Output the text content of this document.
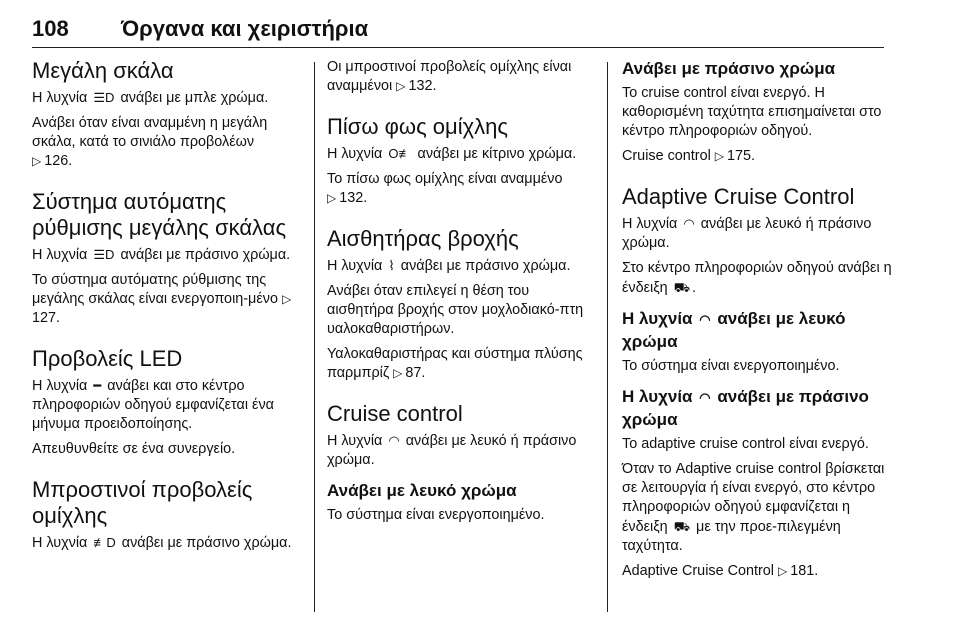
108 Όργανα και χειριστήρια
Μεγάλη σκάλα

Η λυχνία ☰D ανάβει με μπλε χρώμα.

Ανάβει όταν είναι αναμμένη η μεγάλη σκάλα, κατά το σινιάλο προβολέων
▷ 126.

Σύστημα αυτόματης
ρύθμισης μεγάλης σκάλας

Η λυχνία ☰D ανάβει με πράσινο χρώμα.

Το σύστημα αυτόματης ρύθμισης της μεγάλης σκάλας είναι ενεργοποιη-μένο ▷127.

Προβολείς LED

Η λυχνία ━ ανάβει και στο κέντρο πληροφοριών οδηγού εμφανίζεται ένα μήνυμα προειδοποίησης.

Απευθυνθείτε σε ένα συνεργείο.

Μπροστινοί προβολείς
ομίχλης

Η λυχνία ≢D ανάβει με πράσινο χρώμα.

Οι μπροστινοί προβολείς ομίχλης είναι αναμμένοι ▷ 132.

Πίσω φως ομίχλης

Η λυχνία O≢ ανάβει με κίτρινο χρώμα.

Το πίσω φως ομίχλης είναι αναμμένο
▷ 132.

Αισθητήρας βροχής

Η λυχνία ⌇ ανάβει με πράσινο χρώμα.

Ανάβει όταν επιλεγεί η θέση του αισθητήρα βροχής στον μοχλοδιακό-πτη υαλοκαθαριστήρων.

Υαλοκαθαριστήρας και σύστημα πλύσης παρμπρίζ ▷ 87.

Cruise control

Η λυχνία ◠ ανάβει με λευκό ή πράσινο χρώμα.

Ανάβει με λευκό χρώμα

Το σύστημα είναι ενεργοποιημένο.

Ανάβει με πράσινο χρώμα

Το cruise control είναι ενεργό. Η καθορισμένη ταχύτητα επισημαίνεται στο κέντρο πληροφοριών οδηγού.

Cruise control ▷ 175.

Adaptive Cruise Control

Η λυχνία ◠ ανάβει με λευκό ή πράσινο χρώμα.

Στο κέντρο πληροφοριών οδηγού ανάβει η ένδειξη ⛟ .

Η λυχνία ◠ ανάβει με λευκό
χρώμα

Το σύστημα είναι ενεργοποιημένο.

Η λυχνία ◠ ανάβει με πράσινο
χρώμα

Το adaptive cruise control είναι ενεργό.

Όταν το Adaptive cruise control βρίσκεται σε λειτουργία ή είναι ενεργό, στο κέντρο πληροφοριών οδηγού εμφανίζεται η ένδειξη ⛟ με την προε-πιλεγμένη ταχύτητα.

Adaptive Cruise Control ▷ 181.
